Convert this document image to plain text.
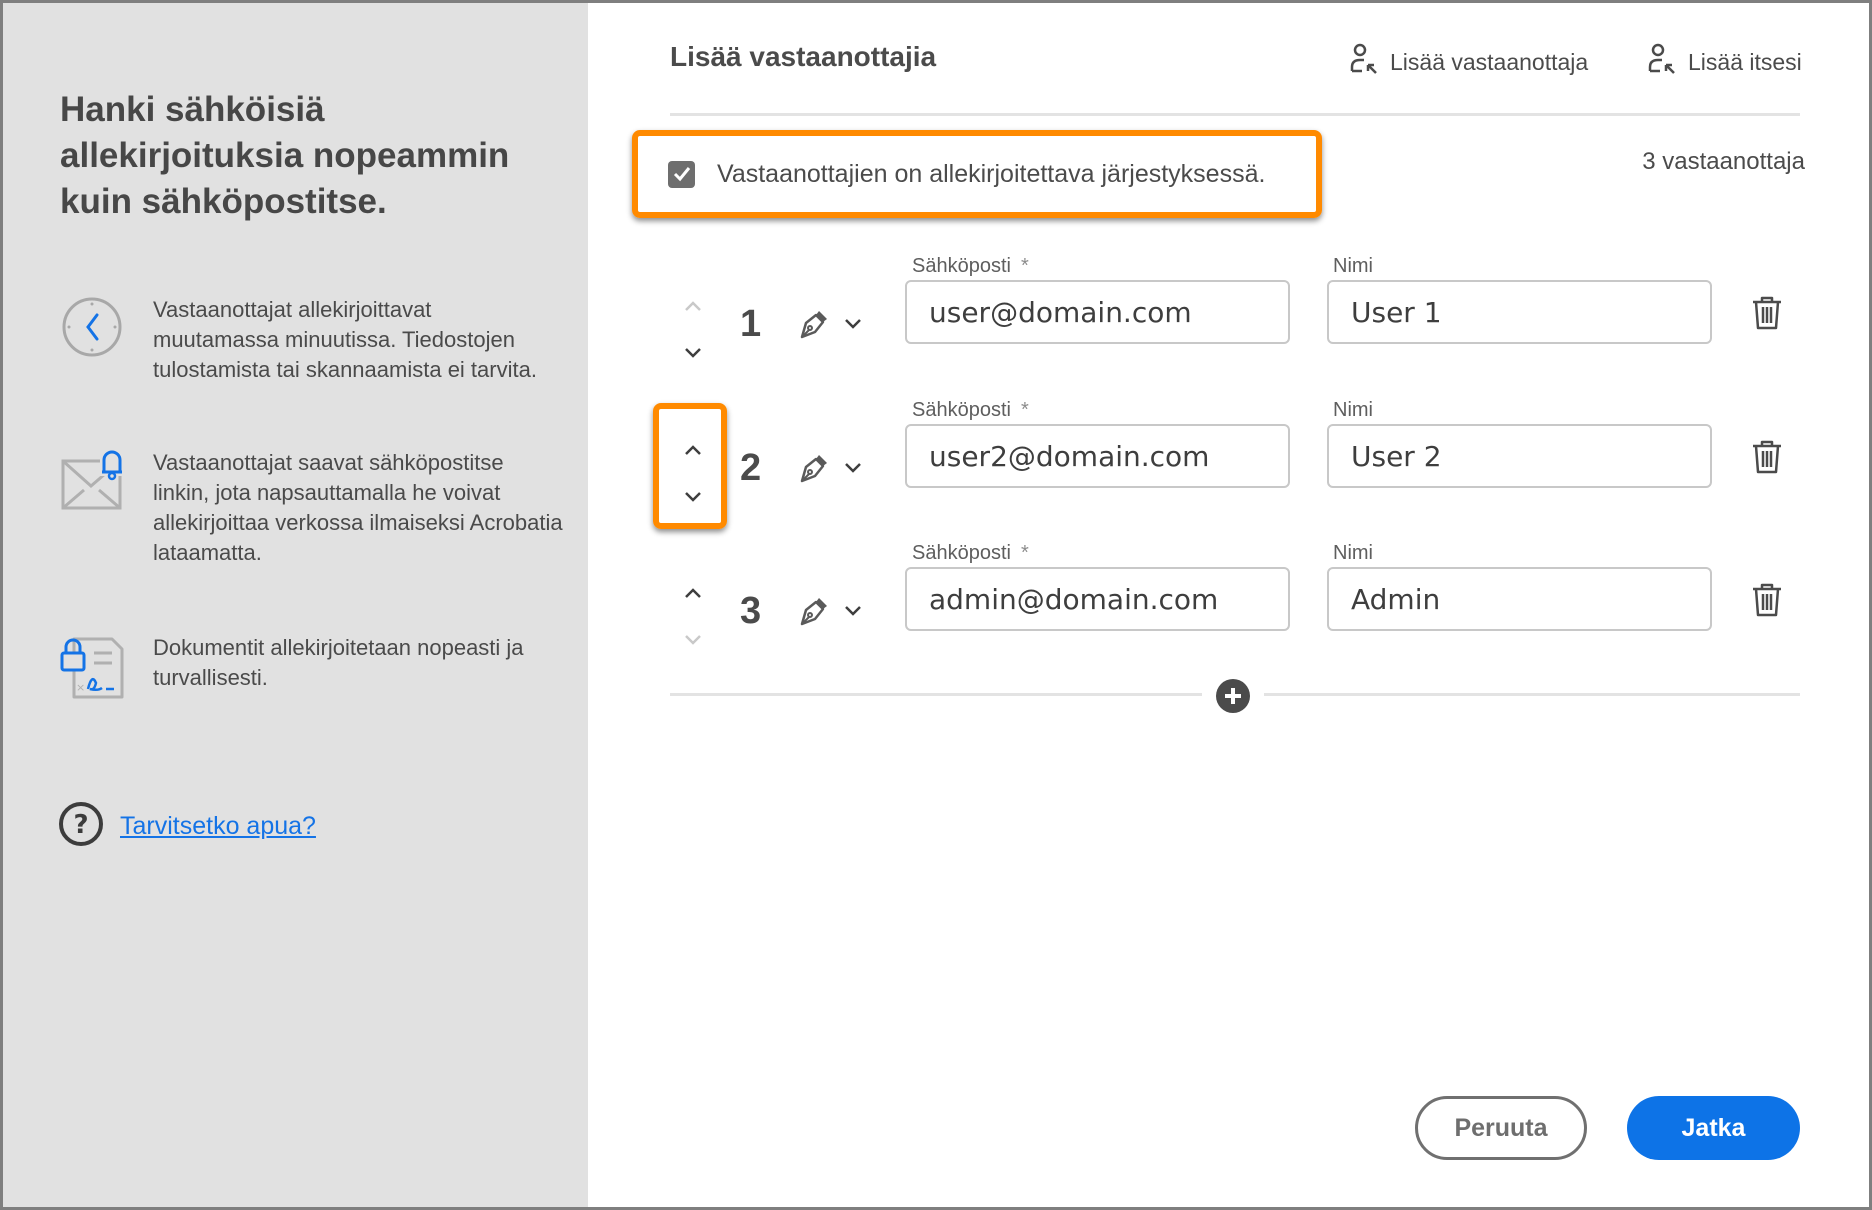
Hanki sähköisiä allekirjoituksia nopeammin kuin sähköpostitse.
Vastaanottajat allekirjoittavat muutamassa minuutissa. Tiedostojen tulostamista tai skannaamista ei tarvita.
Vastaanottajat saavat sähköpostitse linkin, jota napsauttamalla he voivat allekirjoittaa verkossa ilmaiseksi Acrobatia lataamatta.
×
Dokumentit allekirjoitetaan nopeasti ja turvallisesti.
? Tarvitsetko apua?
Lisää vastaanottajia	Lisää vastaanottaja	Lisää itsesi
Vastaanottajien on allekirjoitettava järjestyksessä.	3 vastaanottaja
1
Sähköposti *
user@domain.com
Nimi
User 1
2
Sähköposti *
user2@domain.com
Nimi
User 2
3
Sähköposti *
admin@domain.com
Nimi
Admin
Peruuta	Jatka
